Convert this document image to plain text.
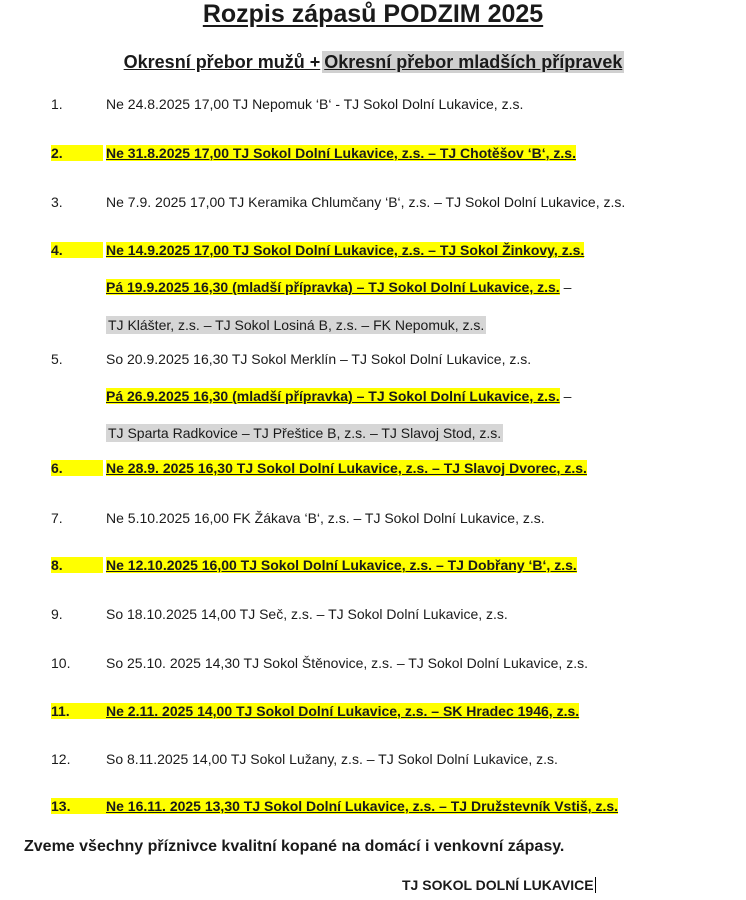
Rozpis zápasů PODZIM 2025
Okresní přebor mužů + Okresní přebor mladších přípravek
1.	Ne 24.8.2025 17,00 TJ Nepomuk ‘B‘ - TJ Sokol Dolní Lukavice, z.s.
2.	Ne 31.8.2025 17,00 TJ Sokol Dolní Lukavice, z.s. – TJ Chotěšov ‘B‘, z.s.
3.	Ne 7.9. 2025 17,00 TJ Keramika Chlumčany ‘B‘, z.s. – TJ Sokol Dolní Lukavice, z.s.
4.	Ne 14.9.2025 17,00 TJ Sokol Dolní Lukavice, z.s. – TJ Sokol Žinkovy, z.s.
Pá 19.9.2025 16,30 (mladší přípravka) – TJ Sokol Dolní Lukavice, z.s. –
TJ Klášter, z.s. – TJ Sokol Losiná B, z.s. – FK Nepomuk, z.s.
5.	So 20.9.2025 16,30 TJ Sokol Merklín – TJ Sokol Dolní Lukavice, z.s.
Pá 26.9.2025 16,30 (mladší přípravka) – TJ Sokol Dolní Lukavice, z.s. –
TJ Sparta Radkovice – TJ Přeštice B, z.s. – TJ Slavoj Stod, z.s.
6.	Ne 28.9. 2025 16,30 TJ Sokol Dolní Lukavice, z.s. – TJ Slavoj Dvorec, z.s.
7.	Ne 5.10.2025 16,00 FK Žákava ‘B‘, z.s. – TJ Sokol Dolní Lukavice, z.s.
8.	Ne 12.10.2025 16,00 TJ Sokol Dolní Lukavice, z.s. – TJ Dobřany ‘B‘, z.s.
9.	So 18.10.2025 14,00 TJ Seč, z.s. – TJ Sokol Dolní Lukavice, z.s.
10.	So 25.10. 2025 14,30 TJ Sokol Štěnovice, z.s. – TJ Sokol Dolní Lukavice, z.s.
11.	Ne 2.11. 2025 14,00 TJ Sokol Dolní Lukavice, z.s. – SK Hradec 1946, z.s.
12.	So 8.11.2025 14,00 TJ Sokol Lužany, z.s. – TJ Sokol Dolní Lukavice, z.s.
13.	Ne 16.11. 2025 13,30 TJ Sokol Dolní Lukavice, z.s. – TJ Družstevník Vstiš, z.s.
Zveme všechny příznivce kvalitní kopané na domácí i venkovní zápasy.
TJ SOKOL DOLNÍ LUKAVICE
